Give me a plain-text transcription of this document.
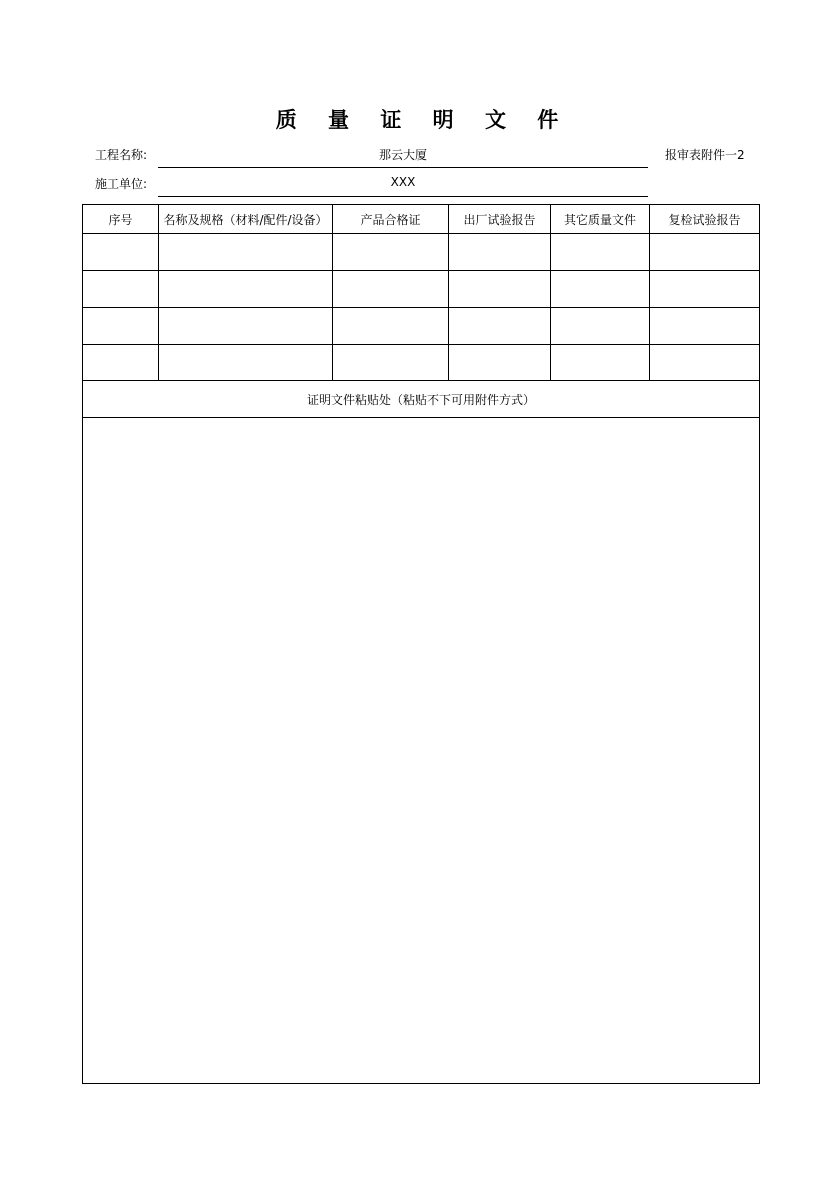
质 量 证 明 文 件
工程名称:	那云大厦	报审表附件一2
施工单位:	XXX
序号	名称及规格（材料/配件/设备）	产品合格证	出厂试验报告	其它质量文件	复检试验报告
证明文件粘贴处（粘贴不下可用附件方式）
